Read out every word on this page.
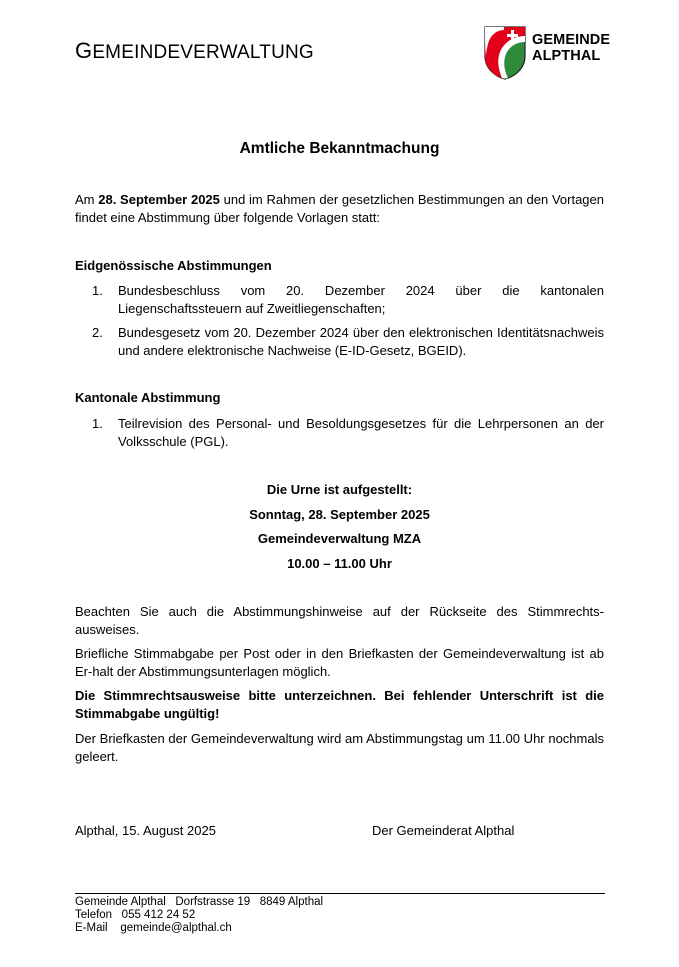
GEMEINDEVERWALTUNG
GEMEINDE
ALPTHAL
Amtliche Bekanntmachung
Am 28. September 2025 und im Rahmen der gesetzlichen Bestimmungen an den Vortagen findet eine Abstimmung über folgende Vorlagen statt:
Eidgenössische Abstimmungen
1. Bundesbeschluss vom 20. Dezember 2024 über die kantonalen Liegenschaftssteuern auf Zweitliegenschaften;
2. Bundesgesetz vom 20. Dezember 2024 über den elektronischen Identitätsnachweis und andere elektronische Nachweise (E-ID-Gesetz, BGEID).
Kantonale Abstimmung
1. Teilrevision des Personal- und Besoldungsgesetzes für die Lehrpersonen an der Volksschule (PGL).
Die Urne ist aufgestellt:
Sonntag, 28. September 2025
Gemeindeverwaltung MZA
10.00 – 11.00 Uhr
Beachten Sie auch die Abstimmungshinweise auf der Rückseite des Stimmrechts-ausweises.
Briefliche Stimmabgabe per Post oder in den Briefkasten der Gemeindeverwaltung ist ab Er-halt der Abstimmungsunterlagen möglich.
Die Stimmrechtsausweise bitte unterzeichnen. Bei fehlender Unterschrift ist die Stimmabgabe ungültig!
Der Briefkasten der Gemeindeverwaltung wird am Abstimmungstag um 11.00 Uhr nochmals geleert.
Alpthal, 15. August 2025	Der Gemeinderat Alpthal
Gemeinde Alpthal   Dorfstrasse 19   8849 Alpthal
Telefon   055 412 24 52
E-Mail    gemeinde@alpthal.ch
